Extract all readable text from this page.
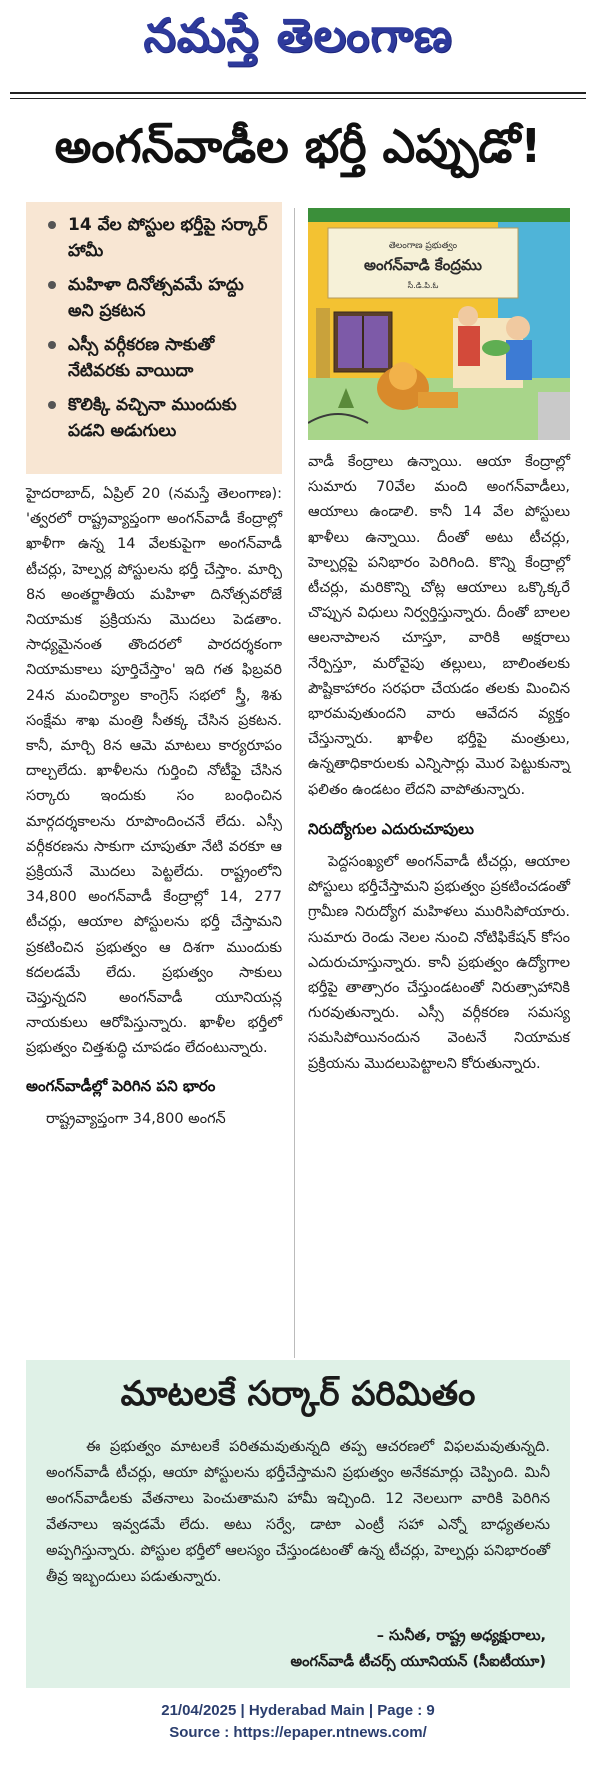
నమస్తే తెలంగాణ
అంగన్‌వాడీల భర్తీ ఎప్పుడో!
14 వేల పోస్టుల భర్తీపై సర్కార్ హామీ
మహిళా దినోత్సవమే హద్దు అని ప్రకటన
ఎస్సీ వర్గీకరణ సాకుతో నేటివరకు వాయిదా
కొలిక్కి వచ్చినా ముందుకు పడని అడుగులు
తెలంగాణ ప్రభుత్వం
అంగన్‌వాడి కేంద్రము
సీ.డి.పి.ఓ

హైదరాబాద్, ఏప్రిల్ 20 (నమస్తే తెలంగాణ): 'త్వరలో రాష్ట్రవ్యాప్తంగా అంగన్‌వాడీ కేంద్రాల్లో ఖాళీగా ఉన్న 14 వేలకుపైగా అంగన్‌వాడీ టీచర్లు, హెల్పర్ల పోస్టులను భర్తీ చేస్తాం. మార్చి 8న అంతర్జాతీయ మహిళా దినోత్సవరోజే నియామక ప్రక్రియను మొదలు పెడతాం. సాధ్యమైనంత తొందరలో పారదర్శకంగా నియామకాలు పూర్తిచేస్తాం' ఇది గత ఫిబ్రవరి 24న మంచిర్యాల కాంగ్రెస్ సభలో స్త్రీ, శిశు సంక్షేమ శాఖ మంత్రి సీతక్క చేసిన ప్రకటన. కానీ, మార్చి 8న ఆమె మాటలు కార్యరూపం దాల్చలేదు. ఖాళీలను గుర్తించి నోటీఫై చేసిన సర్కారు ఇందుకు సం బంధించిన మార్గదర్శకాలను రూపొందించనే లేదు. ఎస్సీ వర్గీకరణను సాకుగా చూపుతూ నేటి వరకూ ఆ ప్రక్రియనే మొదలు పెట్టలేదు. రాష్ట్రంలోని 34,800 అంగన్‌వాడీ కేంద్రాల్లో 14, 277 టీచర్లు, ఆయాల పోస్టులను భర్తీ చేస్తామని ప్రకటించిన ప్రభుత్వం ఆ దిశగా ముందుకు కదలడమే లేదు. ప్రభుత్వం సాకులు చెప్తున్నదని అంగన్‌వాడీ యూనియన్ల నాయకులు ఆరోపిస్తున్నారు. ఖాళీల భర్తీలో ప్రభుత్వం చిత్తశుద్ధి చూపడం లేదంటున్నారు.

అంగన్‌వాడీల్లో పెరిగిన పని భారం

రాష్ట్రవ్యాప్తంగా 34,800 అంగన్

వాడీ కేంద్రాలు ఉన్నాయి. ఆయా కేంద్రాల్లో సుమారు 70వేల మంది అంగన్‌వాడీలు, ఆయాలు ఉండాలి. కానీ 14 వేల పోస్టులు ఖాళీలు ఉన్నాయి. దీంతో అటు టీచర్లు, హెల్పర్లపై పనిభారం పెరిగింది. కొన్ని కేంద్రాల్లో టీచర్లు, మరికొన్ని చోట్ల ఆయాలు ఒక్కొక్కరే చొప్పున విధులు నిర్వర్తిస్తున్నారు. దీంతో బాలల ఆలనాపాలన చూస్తూ, వారికి అక్షరాలు నేర్పిస్తూ, మరోవైపు తల్లులు, బాలింతలకు పౌష్టికాహారం సరఫరా చేయడం తలకు మించిన భారమవుతుందని వారు ఆవేదన వ్యక్తం చేస్తున్నారు. ఖాళీల భర్తీపై మంత్రులు, ఉన్నతాధికారులకు ఎన్నిసార్లు మొర పెట్టుకున్నా ఫలితం ఉండటం లేదని వాపోతున్నారు.

నిరుద్యోగుల ఎదురుచూపులు

పెద్దసంఖ్యలో అంగన్‌వాడీ టీచర్లు, ఆయాల పోస్టులు భర్తీచేస్తామని ప్రభుత్వం ప్రకటించడంతో గ్రామీణ నిరుద్యోగ మహిళలు మురిసిపోయారు. సుమారు రెండు నెలల నుంచి నోటిఫికేషన్ కోసం ఎదురుచూస్తున్నారు. కానీ ప్రభుత్వం ఉద్యోగాల భర్తీపై తాత్సారం చేస్తుండటంతో నిరుత్సాహానికి గురవుతున్నారు. ఎస్సీ వర్గీకరణ సమస్య సమసిపోయినందున వెంటనే నియామక ప్రక్రియను మొదలుపెట్టాలని కోరుతున్నారు.

మాటలకే సర్కార్ పరిమితం

ఈ ప్రభుత్వం మాటలకే పరితమవుతున్నది తప్ప ఆచరణలో విఫలమవుతున్నది. అంగన్‌వాడీ టీచర్లు, ఆయా పోస్టులను భర్తీచేస్తామని ప్రభుత్వం అనేకమార్లు చెప్పింది. మినీ అంగన్‌వాడీలకు వేతనాలు పెంచుతామని హామీ ఇచ్చింది. 12 నెలలుగా వారికి పెరిగిన వేతనాలు ఇవ్వడమే లేదు. అటు సర్వే, డాటా ఎంట్రీ సహా ఎన్నో బాధ్యతలను అప్పగిస్తున్నారు. పోస్టుల భర్తీలో ఆలస్యం చేస్తుండటంతో ఉన్న టీచర్లు, హెల్పర్లు పనిభారంతో తీవ్ర ఇబ్బందులు పడుతున్నారు.

– సునీత, రాష్ట్ర అధ్యక్షురాలు,
అంగన్‌వాడీ టీచర్స్ యూనియన్ (సీఐటీయూ)
21/04/2025 | Hyderabad Main | Page : 9
Source : https://epaper.ntnews.com/
